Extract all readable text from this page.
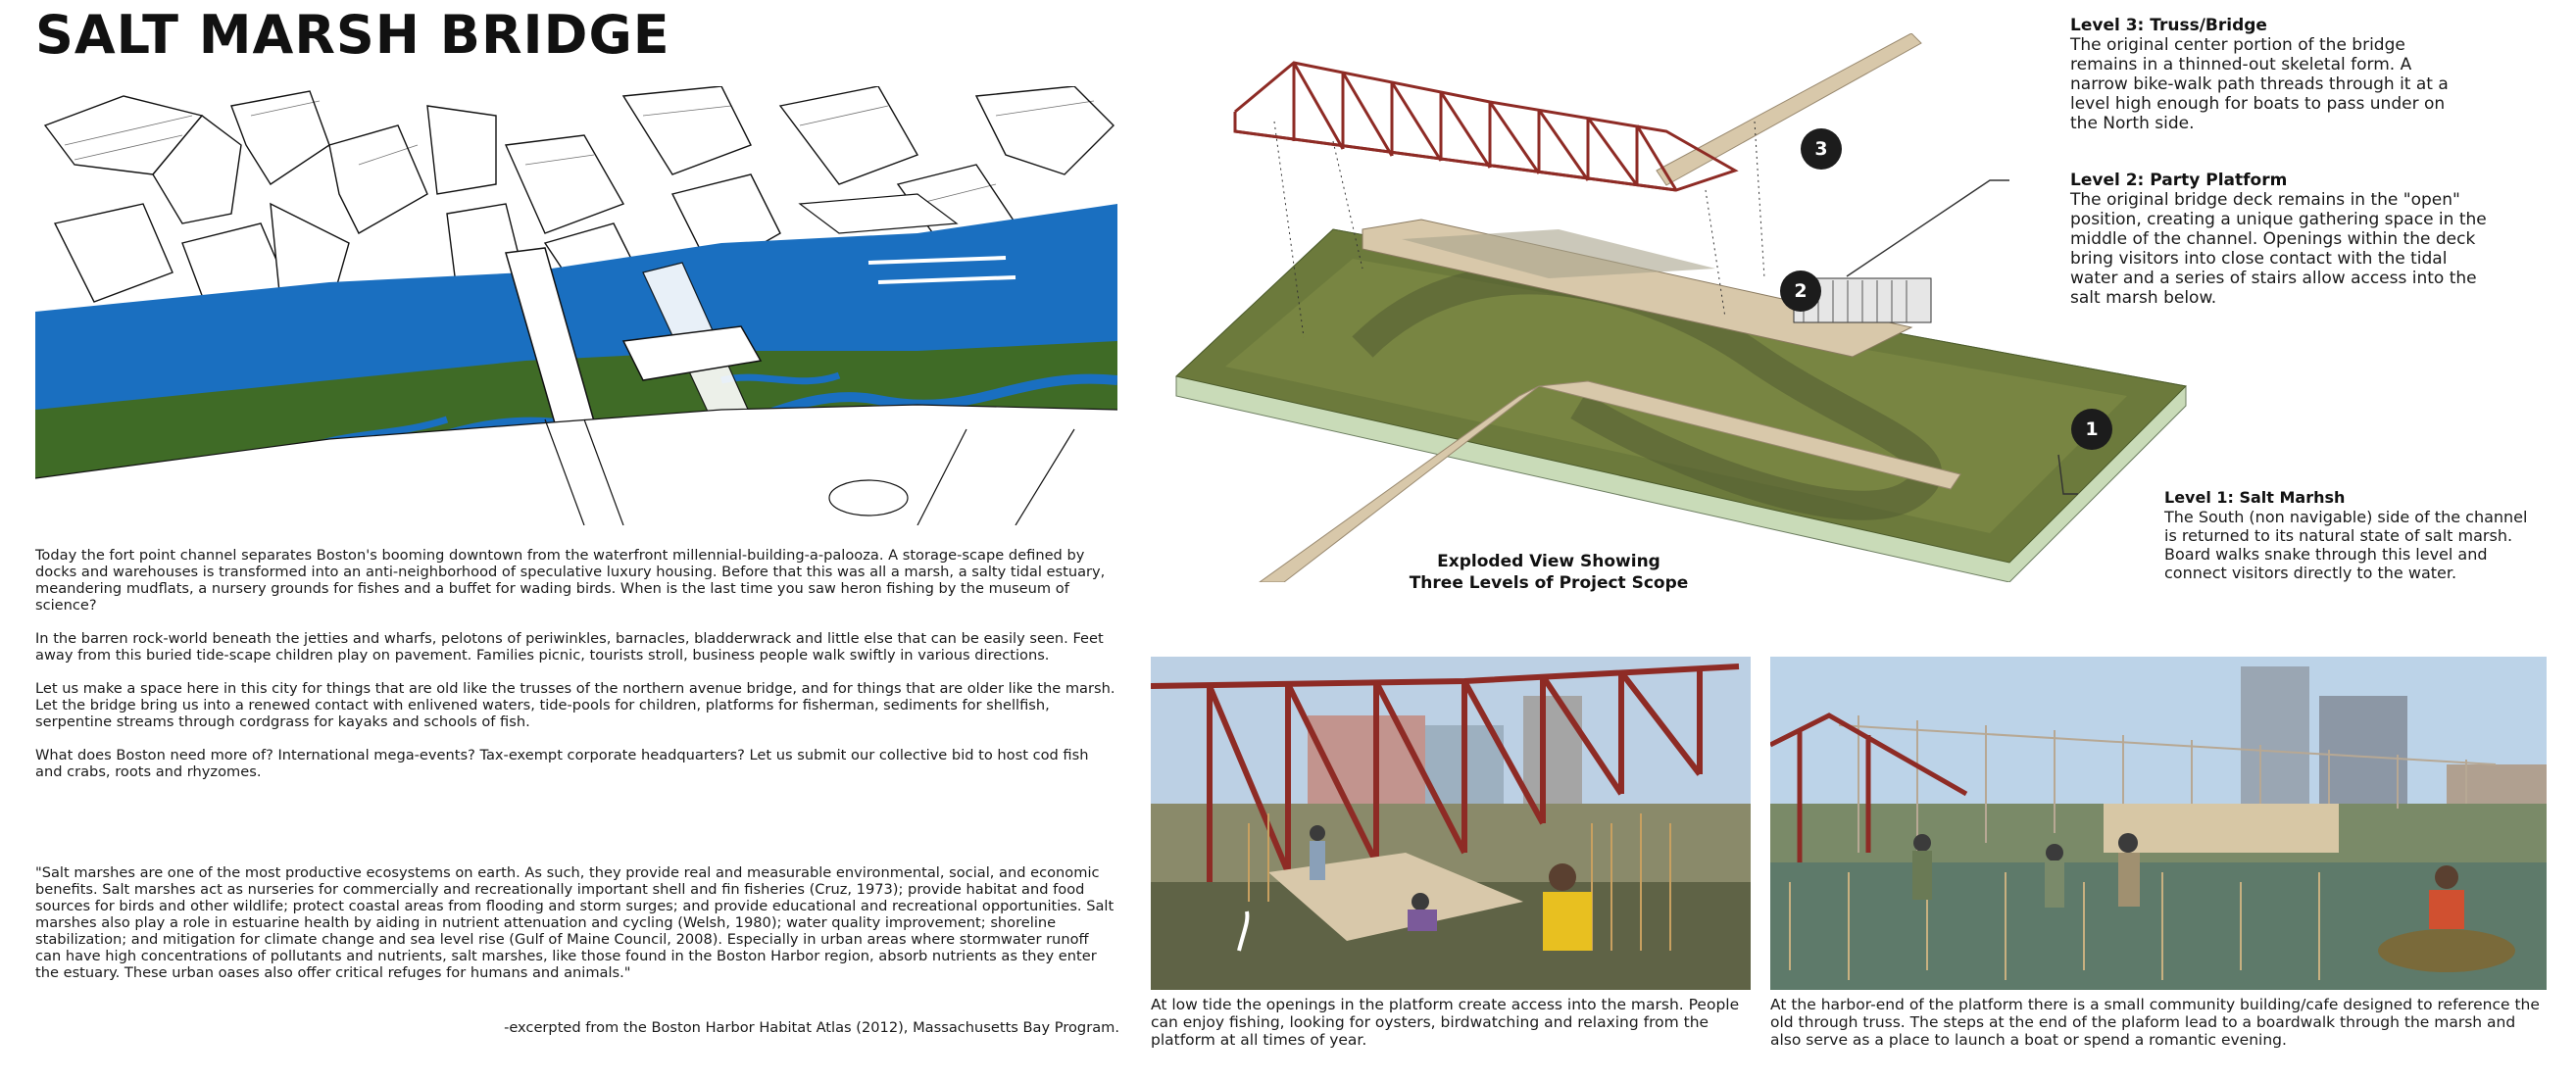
SALT MARSH BRIDGE

Today the fort point channel separates Boston's booming downtown from the waterfront millennial-building-a-palooza. A storage-scape defined by docks and warehouses is transformed into an anti-neighborhood of speculative luxury housing. Before that this was all a marsh, a salty tidal estuary, meandering mudflats, a nursery grounds for fishes and a buffet for wading birds. When is the last time you saw heron fishing by the museum of science?

In the barren rock-world beneath the jetties and wharfs, pelotons of periwinkles, barnacles, bladderwrack and little else that can be easily seen. Feet away from this buried tide-scape children play on pavement. Families picnic, tourists stroll, business people walk swiftly in various directions.

Let us make a space here in this city for things that are old like the trusses of the northern avenue bridge, and for things that are older like the marsh. Let the bridge bring us into a renewed contact with enlivened waters, tide-pools for children, platforms for fisherman, sediments for shellfish, serpentine streams through cordgrass for kayaks and schools of fish.

What does Boston need more of? International mega-events? Tax-exempt corporate headquarters? Let us submit our collective bid to host cod fish and crabs, roots and rhyzomes.

"Salt marshes are one of the most productive ecosystems on earth. As such, they provide real and measurable environmental, social, and economic benefits. Salt marshes act as nurseries for commercially and recreationally important shell and fin fisheries (Cruz, 1973); provide habitat and food sources for birds and other wildlife; protect coastal areas from flooding and storm surges; and provide educational and recreational opportunities. Salt marshes also play a role in estuarine health by aiding in nutrient attenuation and cycling (Welsh, 1980); water quality improvement; shoreline stabilization; and mitigation for climate change and sea level rise (Gulf of Maine Council, 2008). Especially in urban areas where stormwater runoff can have high concentrations of pollutants and nutrients, salt marshes, like those found in the Boston Harbor region, absorb nutrients as they enter the estuary. These urban oases also offer critical refuges for humans and animals."

-excerpted from the Boston Harbor Habitat Atlas (2012), Massachusetts Bay Program.
3
2
1
Level 3: Truss/Bridge
The original center portion of the bridge remains in a thinned-out skeletal form. A narrow bike-walk path threads through it at a level high enough for boats to pass under on the North side.
Level 2: Party Platform
The original bridge deck remains in the "open" position, creating a unique gathering space in the middle of the channel. Openings within the deck bring visitors into close contact with the tidal water and a series of stairs allow access into the salt marsh below.
Level 1: Salt Marhsh
The South (non navigable) side of the channel is returned to its natural state of salt marsh. Board walks snake through this level and connect visitors directly to the water.
Exploded View Showing
Three Levels of Project Scope
At low tide the openings in the platform create access into the marsh. People can enjoy fishing, looking for oysters, birdwatching and relaxing from the platform at all times of year.
At the harbor-end of the platform there is a small community building/cafe designed to reference the old through truss. The steps at the end of the plaform lead to a boardwalk through the marsh and also serve as a place to launch a boat or spend a romantic evening.
